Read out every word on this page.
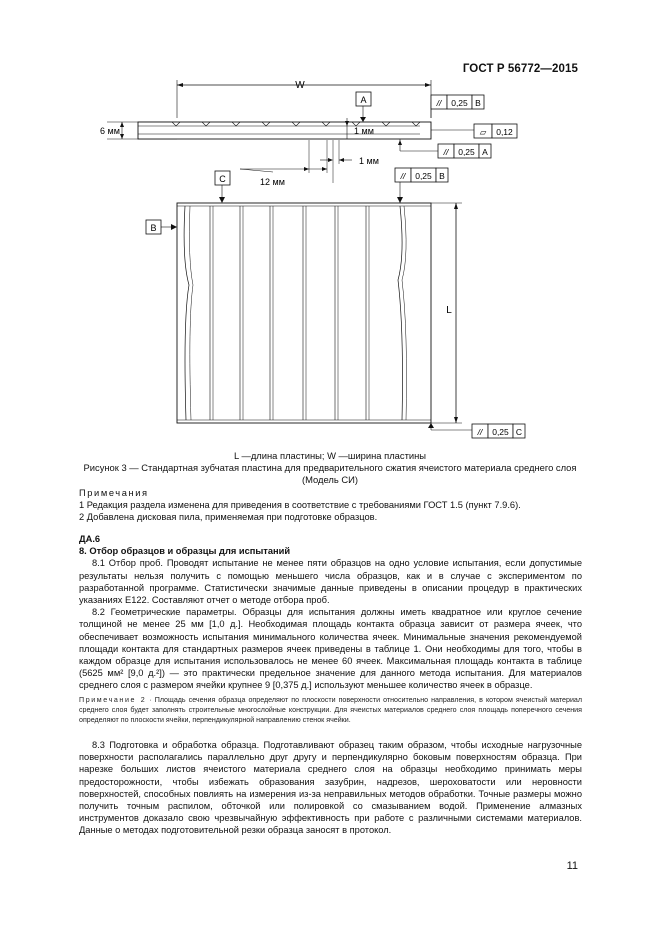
ГОСТ Р 56772—2015
W
6 мм
A
1 мм
1 мм
12 мм
// 0,25 B
▱ 0,12
// 0,25 A
C	// 0,25 B
B
L
// 0,25 C
L —длина пластины; W —ширина пластины
Рисунок 3 — Стандартная зубчатая пластина для предварительного сжатия ячеистого материала среднего слоя
(Модель СИ)

Примечания

1 Редакция раздела изменена для приведения в соответствие с требованиями ГОСТ 1.5 (пункт 7.9.6).

2 Добавлена дисковая пила, применяемая при подготовке образцов.

ДА.6

8. Отбор образцов и образцы для испытаний

8.1 Отбор проб. Проводят испытание не менее пяти образцов на одно условие испытания, если допустимые результаты нельзя получить с помощью меньшего числа образцов, как и в случае с экспериментом по разработанной программе. Статистически значимые данные приведены в описании процедур в практических указаниях E122. Составляют отчет о методе отбора проб.

8.2 Геометрические параметры. Образцы для испытания должны иметь квадратное или круглое сечение толщиной не менее 25 мм [1,0 д.]. Необходимая площадь контакта образца зависит от размера ячеек, что обеспечивает возможность испытания минимального количества ячеек. Минимальные значения рекомендуемой площади контакта для стандартных размеров ячеек приведены в таблице 1. Они необходимы для того, чтобы в каждом образце для испытания использовалось не менее 60 ячеек. Максимальная площадь контакта в таблице (5625 мм² [9,0 д.²]) — это практически предельное значение для данного метода испытания. Для материалов среднего слоя с размером ячейки крупнее 9 [0,375 д.] используют меньшее количество ячеек в образце.

Примечание 2 · Площадь сечения образца определяют по плоскости поверхности относительно направления, в котором ячеистый материал среднего слоя будет заполнять строительные многослойные конструкции. Для ячеистых материалов среднего слоя площадь поперечного сечения определяют по плоскости ячейки, перпендикулярной направлению стенок ячейки.

8.3 Подготовка и обработка образца. Подготавливают образец таким образом, чтобы исходные нагрузочные поверхности располагались параллельно друг другу и перпендикулярно боковым поверхностям образца. При нарезке больших листов ячеистого материала среднего слоя на образцы необходимо принимать меры предосторожности, чтобы избежать образования зазубрин, надрезов, шероховатости или неровности поверхностей, способных повлиять на измерения из-за неправильных методов обработки. Точные размеры можно получить точным распилом, обточкой или полировкой со смазыванием водой. Применение алмазных инструментов доказало свою чрезвычайную эффективность при работе с различными системами материалов. Данные о методах подготовительной резки образца заносят в протокол.

11
